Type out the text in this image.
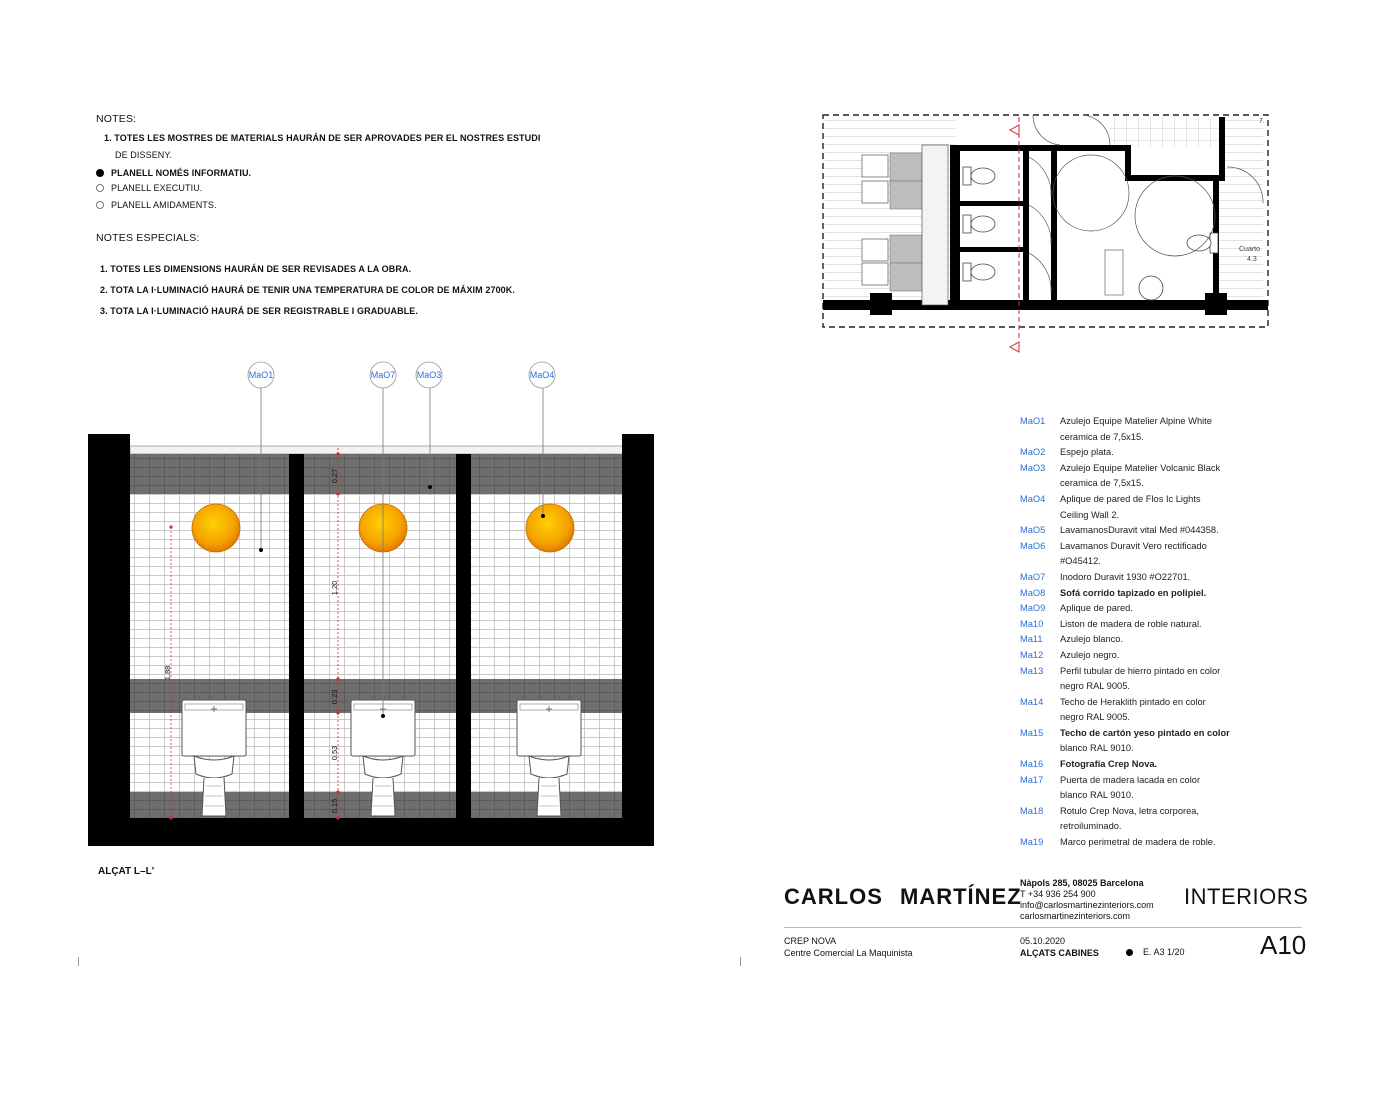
NOTES:
1. TOTES LES MOSTRES DE MATERIALS HAURÁN DE SER APROVADES PER EL NOSTRES ESTUDI
DE DISSENY.
PLANELL NOMÉS INFORMATIU.
PLANELL EXECUTIU.
PLANELL AMIDAMENTS.
NOTES ESPECIALS:
1. TOTES LES DIMENSIONS HAURÁN DE SER REVISADES A LA OBRA.
2. TOTA LA I·LUMINACIÓ HAURÁ DE TENIR UNA TEMPERATURA DE COLOR DE MÁXIM 2700K.
3. TOTA LA I·LUMINACIÓ HAURÁ DE SER REGISTRABLE I GRADUABLE.
0.27
1.20
0.23
0.53
0.15
1.88
MaO1	MaO7 MaO3	MaO4
ALÇAT L–L'
Cuarto
4.3
7.
MaO1	Azulejo Equipe Matelier Alpine White
ceramica de 7,5x15.
MaO2	Espejo plata.
MaO3	Azulejo Equipe Matelier Volcanic Black
ceramica de 7,5x15.
MaO4	Aplique de pared de Flos Ic Lights
Ceiling Wall 2.
MaO5	LavamanosDuravit vital Med #044358.
MaO6	Lavamanos Duravit Vero rectificado
#O45412.
MaO7	Inodoro Duravit 1930 #O22701.
MaO8	Sofá corrido tapizado en polipiel.
MaO9	Aplique de pared.
Ma10	Liston de madera de roble natural.
Ma11	Azulejo blanco.
Ma12	Azulejo negro.
Ma13	Perfil tubular de hierro pintado en color
negro RAL 9005.
Ma14	Techo de Heraklith pintado en color
negro RAL 9005.
Ma15	Techo de cartón yeso pintado en color
blanco RAL 9010.
Ma16	Fotografía Crep Nova.
Ma17	Puerta de madera lacada en color
blanco RAL 9010.
Ma18	Rotulo Crep Nova, letra corporea,
retroiluminado.
Ma19	Marco perimetral de madera de roble.
CARLOS MARTÍNEZ
Nàpols 285, 08025 Barcelona
T +34 936 254 900
info@carlosmartinezinteriors.com
carlosmartinezinteriors.com
INTERIORS
CREP NOVA
Centre Comercial La Maquinista
05.10.2020
ALÇATS CABINES	E. A3 1/20	A10
